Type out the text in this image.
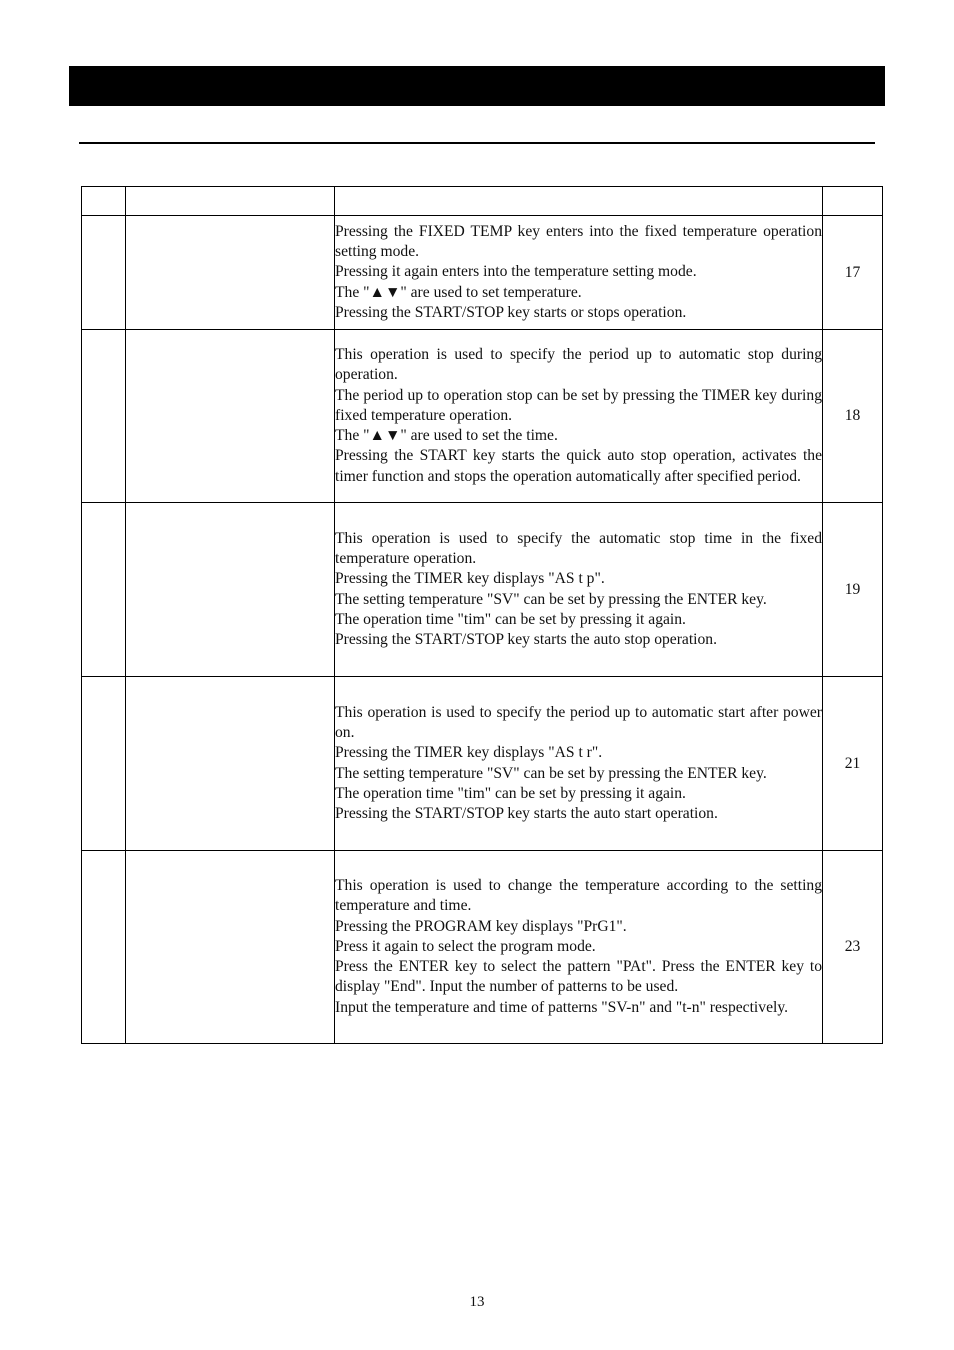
		Pressing the FIXED TEMP key enters into the fixed temperature operation setting mode.
Pressing it again enters into the temperature setting mode.
The "▲▼" are used to set temperature.
Pressing the START/STOP key starts or stops operation.	17

		This operation is used to specify the period up to automatic stop during operation.
The period up to operation stop can be set by pressing the TIMER key during fixed temperature operation.
The "▲▼" are used to set the time.
Pressing the START key starts the quick auto stop operation, activates the timer function and stops the operation automatically after specified period.	18

		This operation is used to specify the automatic stop time in the fixed temperature operation.
Pressing the TIMER key displays "AS t p".
The setting temperature "SV" can be set by pressing the ENTER key.
The operation time "tim" can be set by pressing it again.
Pressing the START/STOP key starts the auto stop operation.	19

		This operation is used to specify the period up to automatic start after power on.
Pressing the TIMER key displays "AS t r".
The setting temperature "SV" can be set by pressing the ENTER key.
The operation time "tim" can be set by pressing it again.
Pressing the START/STOP key starts the auto start operation.	21

		This operation is used to change the temperature according to the setting temperature and time.
Pressing the PROGRAM key displays "PrG1".
Press it again to select the program mode.
Press the ENTER key to select the pattern "PAt". Press the ENTER key to display "End". Input the number of patterns to be used.
Input the temperature and time of patterns "SV-n" and "t-n" respectively.	23
13
